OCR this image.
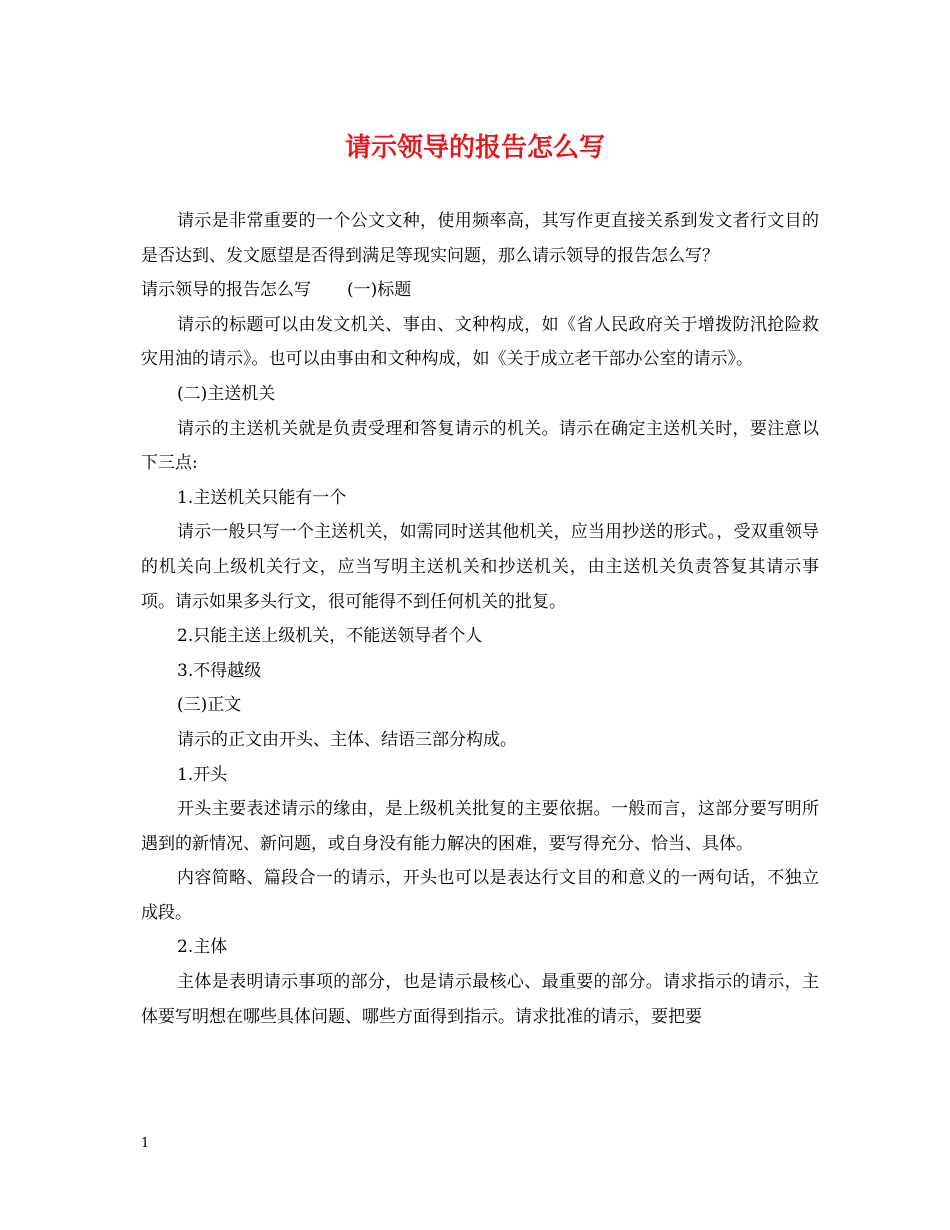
请示领导的报告怎么写

请示是非常重要的一个公文文种，使用频率高，其写作更直接关系到发文者行文目的是否达到、发文愿望是否得到满足等现实问题，那么请示领导的报告怎么写？

请示领导的报告怎么写 (一)标题

请示的标题可以由发文机关、事由、文种构成，如《省人民政府关于增拨防汛抢险救灾用油的请示》。也可以由事由和文种构成，如《关于成立老干部办公室的请示》。

(二)主送机关

请示的主送机关就是负责受理和答复请示的机关。请示在确定主送机关时，要注意以下三点:

1.主送机关只能有一个

请示一般只写一个主送机关，如需同时送其他机关，应当用抄送的形式。，受双重领导的机关向上级机关行文，应当写明主送机关和抄送机关，由主送机关负责答复其请示事项。请示如果多头行文，很可能得不到任何机关的批复。

2.只能主送上级机关，不能送领导者个人

3.不得越级

(三)正文

请示的正文由开头、主体、结语三部分构成。

1.开头

开头主要表述请示的缘由，是上级机关批复的主要依据。一般而言，这部分要写明所遇到的新情况、新问题，或自身没有能力解决的困难，要写得充分、恰当、具体。

内容简略、篇段合一的请示，开头也可以是表达行文目的和意义的一两句话，不独立成段。

2.主体

主体是表明请示事项的部分，也是请示最核心、最重要的部分。请求指示的请示，主体要写明想在哪些具体问题、哪些方面得到指示。请求批准的请示，要把要

1
